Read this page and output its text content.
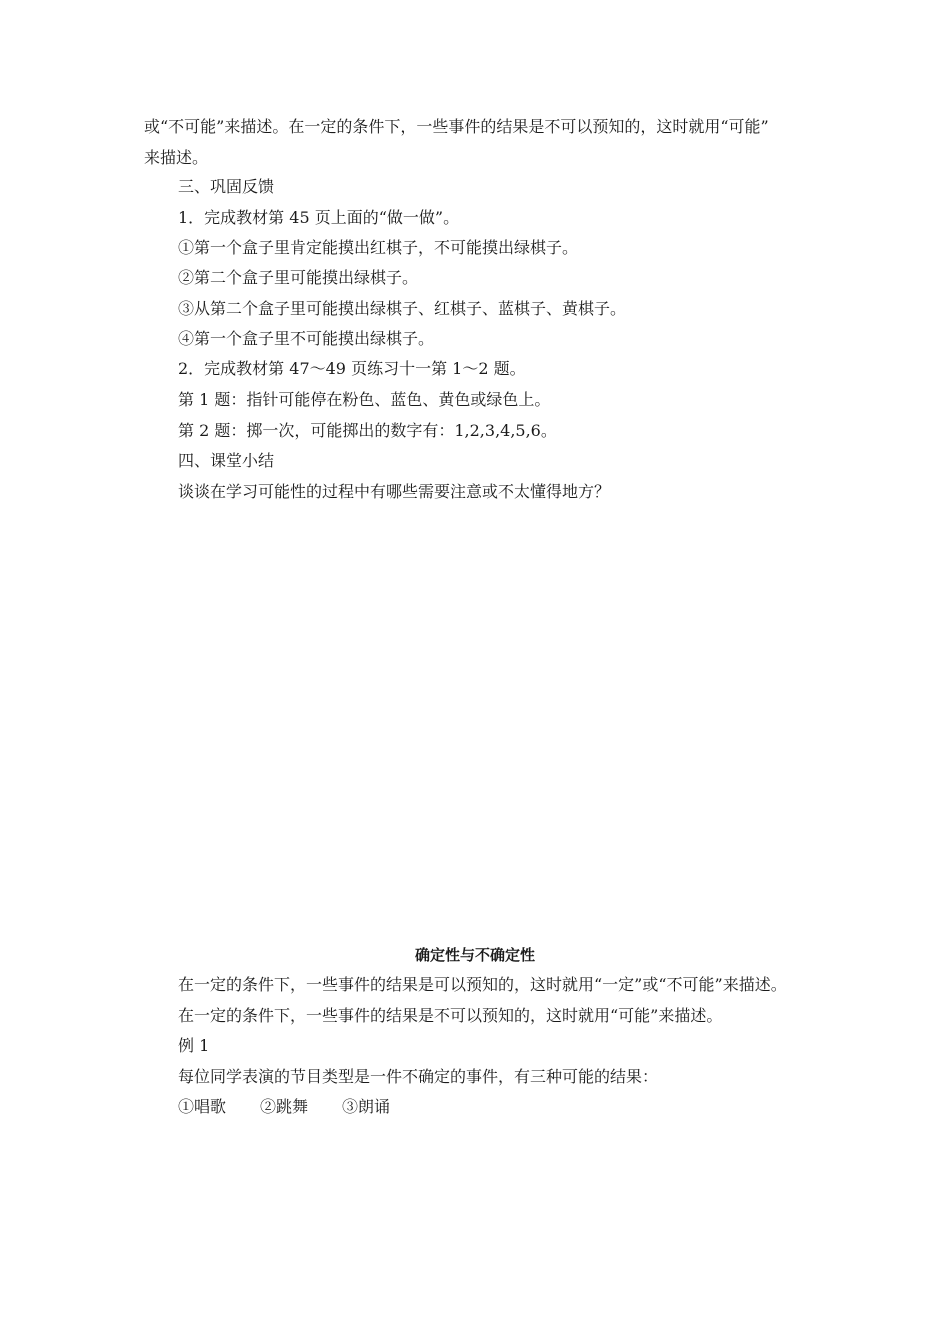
或“不可能”来描述。在一定的条件下，一些事件的结果是不可以预知的，这时就用“可能”
来描述。
三、巩固反馈
1．完成教材第 45 页上面的“做一做”。
①第一个盒子里肯定能摸出红棋子，不可能摸出绿棋子。
②第二个盒子里可能摸出绿棋子。
③从第二个盒子里可能摸出绿棋子、红棋子、蓝棋子、黄棋子。
④第一个盒子里不可能摸出绿棋子。
2．完成教材第 47～49 页练习十一第 1～2 题。
第 1 题：指针可能停在粉色、蓝色、黄色或绿色上。
第 2 题：掷一次，可能掷出的数字有：1,2,3,4,5,6。
四、课堂小结
谈谈在学习可能性的过程中有哪些需要注意或不太懂得地方？
确定性与不确定性
在一定的条件下，一些事件的结果是可以预知的，这时就用“一定”或“不可能”来描述。
在一定的条件下，一些事件的结果是不可以预知的，这时就用“可能”来描述。
例 1
每位同学表演的节目类型是一件不确定的事件，有三种可能的结果：
①唱歌 ②跳舞 ③朗诵
